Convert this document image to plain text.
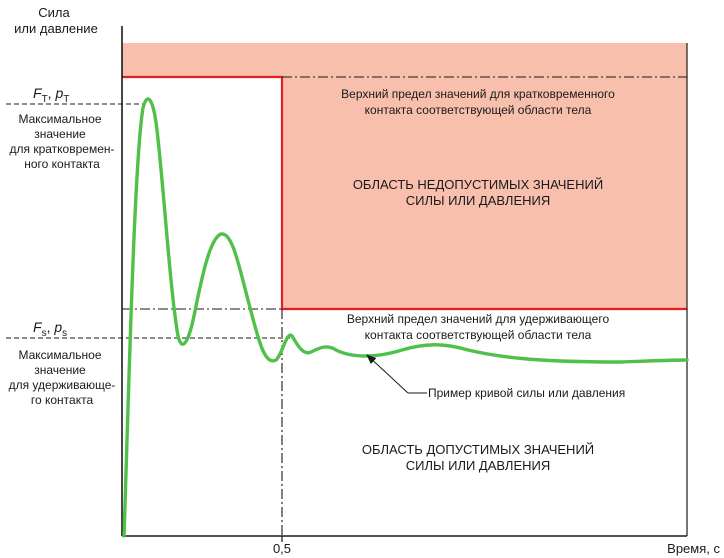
Сила
или давление
Время, с
0,5
$F_T$, $p_T$
Максимальное
значение
для кратковремен-
ного контакта
$F_s$, $p_s$
Максимальное
значение
для удерживающе-
го контакта
Верхний предел значений для кратковременного
контакта соответствующей области тела
ОБЛАСТЬ НЕДОПУСТИМЫХ ЗНАЧЕНИЙ
СИЛЫ ИЛИ ДАВЛЕНИЯ
Верхний предел значений для удерживающего
контакта соответствующей области тела
Пример кривой силы или давления
ОБЛАСТЬ ДОПУСТИМЫХ ЗНАЧЕНИЙ
СИЛЫ ИЛИ ДАВЛЕНИЯ
